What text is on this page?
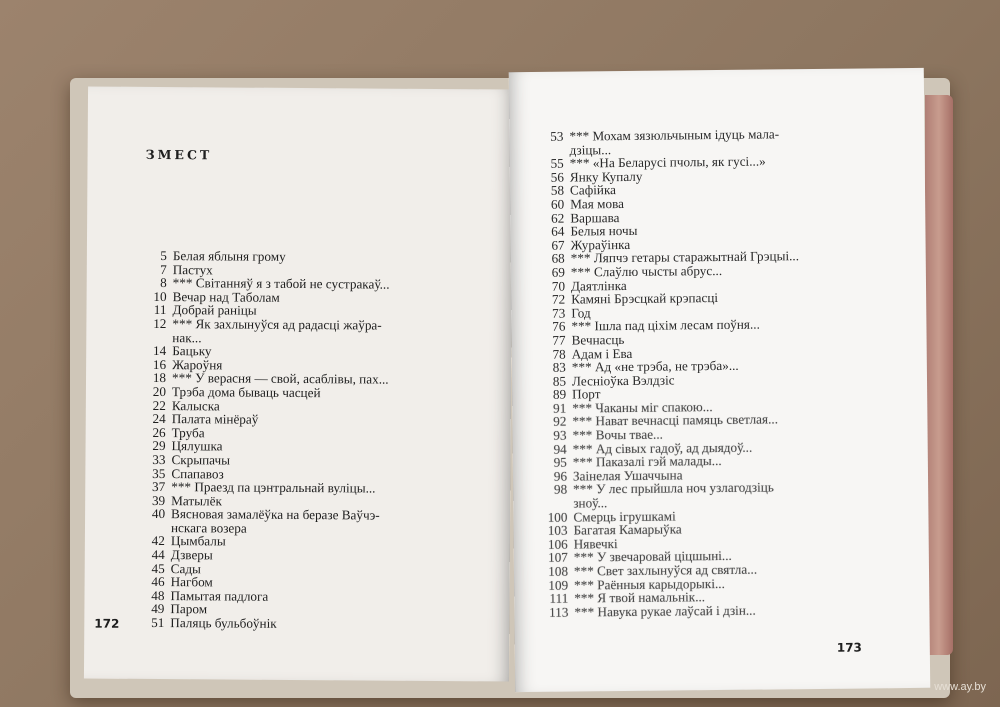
ЗМЕСТ
5 Белая яблыня грому
7 Пастух
8 *** Світанняў я з табой не сустракаў...
10 Вечар над Таболам
11 Добрай раніцы
12 *** Як захлынуўся ад радасці жаўра-
нак...
14 Бацьку
16 Жароўня
18 *** У верасня — свой, асаблівы, пах...
20 Трэба дома бываць часцей
22 Калыска
24 Палата мінёраў
26 Труба
29 Цялушка
33 Скрыпачы
35 Спапавоз
37 *** Праезд па цэнтральнай вуліцы...
39 Матылёк
40 Вясновая замалёўка на беразе Ваўчэ-
нскага возера
42 Цымбалы
44 Дзверы
45 Сады
46 Нагбом
48 Памытая падлога
49 Паром
51 Паляць бульбоўнік
172
53 *** Мохам зязюльчыным ідуць мала-
дзіцы...
55 *** «На Беларусі пчолы, як гусі...»
56 Янку Купалу
58 Сафійка
60 Мая мова
62 Варшава
64 Белыя ночы
67 Жураўінка
68 *** Ляпчэ гетары старажытнай Грэцыі...
69 *** Слаўлю чысты абрус...
70 Даятлінка
72 Камяні Брэсцкай крэпасці
73 Год
76 *** Ішла пад ціхім лесам поўня...
77 Вечнасць
78 Адам і Ева
83 *** Ад «не трэба, не трэба»...
85 Лесніоўка Вэлдзіс
89 Порт
91 *** Чаканы міг спакою...
92 *** Нават вечнасці памяць светлая...
93 *** Вочы твае...
94 *** Ад сівых гадоў, ад дыядоў...
95 *** Паказалі гэй малады...
96 Заінелая Ушаччына
98 *** У лес прыйшла ноч узлагодзіць
зноў...
100 Смерць ігрушкамі
103 Багатая Камарыўка
106 Нявечкі
107 *** У звечаровай ціцшыні...
108 *** Свет захлынуўся ад святла...
109 *** Раённыя карыдорыкі...
111 *** Я твой намальнік...
113 *** Навука рукае лаўсай і дзін...
173
www.ay.by
